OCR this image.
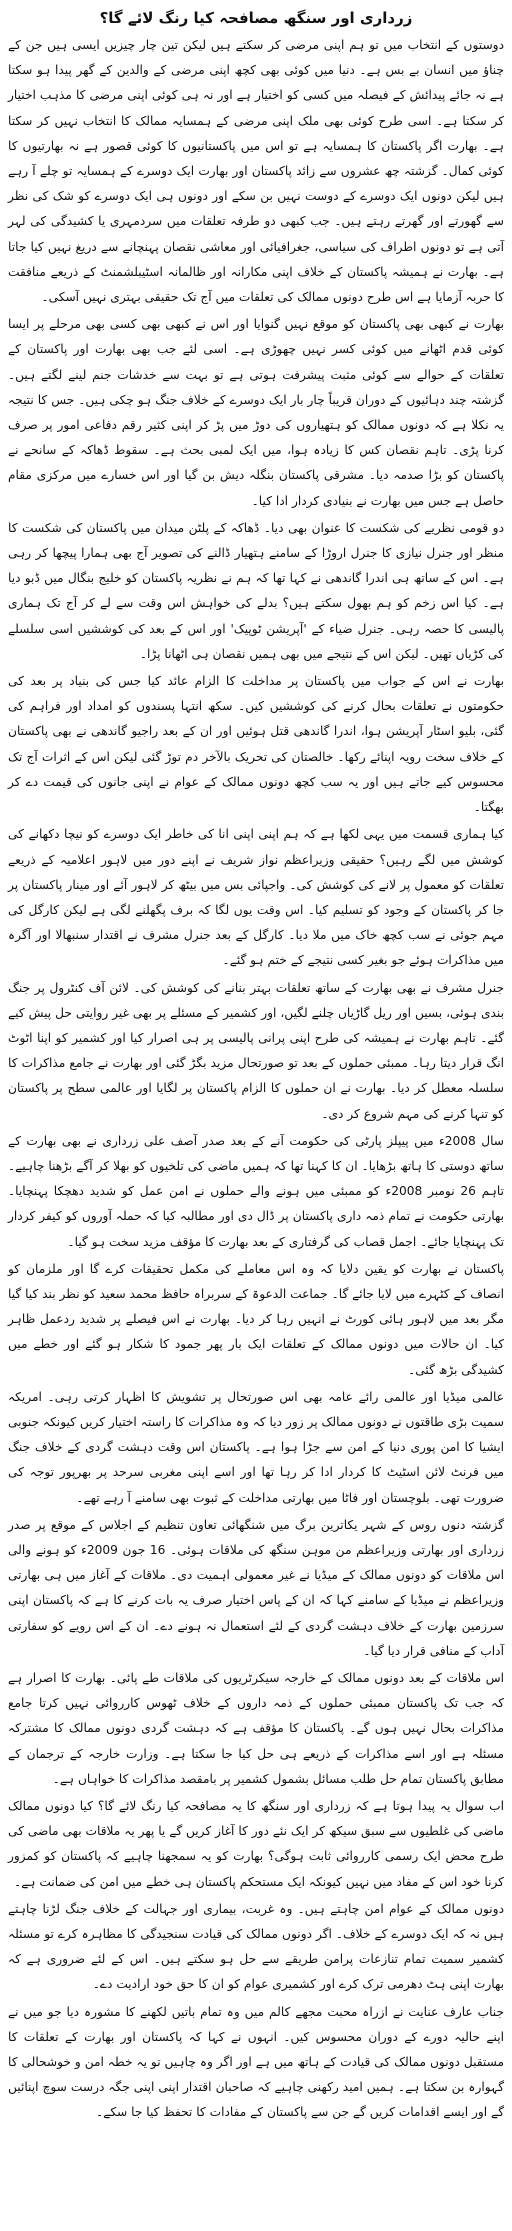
زرداری اور سنگھ مصافحہ کیا رنگ لائے گا؟

دوستوں کے انتخاب میں تو ہم اپنی مرضی کر سکتے ہیں لیکن تین چار چیزیں ایسی ہیں جن کے چناؤ میں انسان بے بس ہے۔ دنیا میں کوئی بھی کچھ اپنی مرضی کے والدین کے گھر پیدا ہو سکتا ہے نہ جائے پیدائش کے فیصلہ میں کسی کو اختیار ہے اور نہ ہی کوئی اپنی مرضی کا مذہب اختیار کر سکتا ہے۔ اسی طرح کوئی بھی ملک اپنی مرضی کے ہمسایہ ممالک کا انتخاب نہیں کر سکتا ہے۔ بھارت اگر پاکستان کا ہمسایہ ہے تو اس میں پاکستانیوں کا کوئی قصور ہے نہ بھارتیوں کا کوئی کمال۔ گزشتہ چھ عشروں سے زائد پاکستان اور بھارت ایک دوسرے کے ہمسایہ تو چلے آ رہے ہیں لیکن دونوں ایک دوسرے کے دوست نہیں بن سکے اور دونوں ہی ایک دوسرے کو شک کی نظر سے گھورتے اور گھرتے رہتے ہیں۔ جب کبھی دو طرفہ تعلقات میں سردمہری یا کشیدگی کی لہر آتی ہے تو دونوں اطراف کی سیاسی، جغرافیائی اور معاشی نقصان پہنچانے سے دریغ نہیں کیا جاتا ہے۔ بھارت نے ہمیشہ پاکستان کے خلاف اپنی مکارانہ اور ظالمانہ اسٹیبلشمنٹ کے ذریعے منافقت کا حربہ آزمایا ہے اس طرح دونوں ممالک کی تعلقات میں آج تک حقیقی بہتری نہیں آسکی۔

بھارت نے کبھی بھی پاکستان کو موقع نہیں گنوایا اور اس نے کبھی بھی کسی بھی مرحلے پر ایسا کوئی قدم اٹھانے میں کوئی کسر نہیں چھوڑی ہے۔ اسی لئے جب بھی بھارت اور پاکستان کے تعلقات کے حوالے سے کوئی مثبت پیشرفت ہوتی ہے تو بہت سے خدشات جنم لینے لگتے ہیں۔ گزشتہ چند دہائیوں کے دوران قریباً چار بار ایک دوسرے کے خلاف جنگ ہو چکی ہیں۔ جس کا نتیجہ یہ نکلا ہے کہ دونوں ممالک کو ہتھیاروں کی دوڑ میں پڑ کر اپنی کثیر رقم دفاعی امور پر صرف کرنا پڑی۔ تاہم نقصان کس کا زیادہ ہوا، میں ایک لمبی بحث ہے۔ سقوط ڈھاکہ کے سانحے نے پاکستان کو بڑا صدمہ دیا۔ مشرقی پاکستان بنگلہ دیش بن گیا اور اس خسارے میں مرکزی مقام حاصل ہے جس میں بھارت نے بنیادی کردار ادا کیا۔

دو قومی نظریے کی شکست کا عنوان بھی دیا۔ ڈھاکہ کے پلٹن میدان میں پاکستان کی شکست کا منظر اور جنرل نیازی کا جنرل اروڑا کے سامنے ہتھیار ڈالنے کی تصویر آج بھی ہمارا پیچھا کر رہی ہے۔ اس کے ساتھ ہی اندرا گاندھی نے کہا تھا کہ ہم نے نظریہ پاکستان کو خلیج بنگال میں ڈبو دیا ہے۔ کیا اس زخم کو ہم بھول سکتے ہیں؟ بدلے کی خواہش اس وقت سے لے کر آج تک ہماری پالیسی کا حصہ رہی۔ جنرل ضیاء کے 'آپریشن ٹوپیک' اور اس کے بعد کی کوششیں اسی سلسلے کی کڑیاں تھیں۔ لیکن اس کے نتیجے میں بھی ہمیں نقصان ہی اٹھانا پڑا۔

بھارت نے اس کے جواب میں پاکستان پر مداخلت کا الزام عائد کیا جس کی بنیاد پر بعد کی حکومتوں نے تعلقات بحال کرنے کی کوششیں کیں۔ سکھ انتہا پسندوں کو امداد اور فراہم کی گئی، بلیو اسٹار آپریشن ہوا، اندرا گاندھی قتل ہوئیں اور ان کے بعد راجیو گاندھی نے بھی پاکستان کے خلاف سخت رویہ اپنائے رکھا۔ خالصتان کی تحریک بالآخر دم توڑ گئی لیکن اس کے اثرات آج تک محسوس کیے جاتے ہیں اور یہ سب کچھ دونوں ممالک کے عوام نے اپنی جانوں کی قیمت دے کر بھگتا۔

کیا ہماری قسمت میں یہی لکھا ہے کہ ہم اپنی اپنی انا کی خاطر ایک دوسرے کو نیچا دکھانے کی کوشش میں لگے رہیں؟ حقیقی وزیراعظم نواز شریف نے اپنے دور میں لاہور اعلامیہ کے ذریعے تعلقات کو معمول پر لانے کی کوشش کی۔ واجپائی بس میں بیٹھ کر لاہور آئے اور مینار پاکستان پر جا کر پاکستان کے وجود کو تسلیم کیا۔ اس وقت یوں لگا کہ برف پگھلنے لگی ہے لیکن کارگل کی مہم جوئی نے سب کچھ خاک میں ملا دیا۔ کارگل کے بعد جنرل مشرف نے اقتدار سنبھالا اور آگرہ میں مذاکرات ہوئے جو بغیر کسی نتیجے کے ختم ہو گئے۔

جنرل مشرف نے بھی بھارت کے ساتھ تعلقات بہتر بنانے کی کوشش کی۔ لائن آف کنٹرول پر جنگ بندی ہوئی، بسیں اور ریل گاڑیاں چلنے لگیں، اور کشمیر کے مسئلے پر بھی غیر روایتی حل پیش کیے گئے۔ تاہم بھارت نے ہمیشہ کی طرح اپنی پرانی پالیسی پر ہی اصرار کیا اور کشمیر کو اپنا اٹوٹ انگ قرار دیتا رہا۔ ممبئی حملوں کے بعد تو صورتحال مزید بگڑ گئی اور بھارت نے جامع مذاکرات کا سلسلہ معطل کر دیا۔ بھارت نے ان حملوں کا الزام پاکستان پر لگایا اور عالمی سطح پر پاکستان کو تنہا کرنے کی مہم شروع کر دی۔

سال 2008ء میں پیپلز پارٹی کی حکومت آنے کے بعد صدر آصف علی زرداری نے بھی بھارت کے ساتھ دوستی کا ہاتھ بڑھایا۔ ان کا کہنا تھا کہ ہمیں ماضی کی تلخیوں کو بھلا کر آگے بڑھنا چاہیے۔ تاہم 26 نومبر 2008ء کو ممبئی میں ہونے والے حملوں نے امن عمل کو شدید دھچکا پہنچایا۔ بھارتی حکومت نے تمام ذمہ داری پاکستان پر ڈال دی اور مطالبہ کیا کہ حملہ آوروں کو کیفر کردار تک پہنچایا جائے۔ اجمل قصاب کی گرفتاری کے بعد بھارت کا مؤقف مزید سخت ہو گیا۔

پاکستان نے بھارت کو یقین دلایا کہ وہ اس معاملے کی مکمل تحقیقات کرے گا اور ملزمان کو انصاف کے کٹہرے میں لایا جائے گا۔ جماعت الدعوۃ کے سربراہ حافظ محمد سعید کو نظر بند کیا گیا مگر بعد میں لاہور ہائی کورٹ نے انہیں رہا کر دیا۔ بھارت نے اس فیصلے پر شدید ردعمل ظاہر کیا۔ ان حالات میں دونوں ممالک کے تعلقات ایک بار پھر جمود کا شکار ہو گئے اور خطے میں کشیدگی بڑھ گئی۔

عالمی میڈیا اور عالمی رائے عامہ بھی اس صورتحال پر تشویش کا اظہار کرتی رہی۔ امریکہ سمیت بڑی طاقتوں نے دونوں ممالک پر زور دیا کہ وہ مذاکرات کا راستہ اختیار کریں کیونکہ جنوبی ایشیا کا امن پوری دنیا کے امن سے جڑا ہوا ہے۔ پاکستان اس وقت دہشت گردی کے خلاف جنگ میں فرنٹ لائن اسٹیٹ کا کردار ادا کر رہا تھا اور اسے اپنی مغربی سرحد پر بھرپور توجہ کی ضرورت تھی۔ بلوچستان اور فاٹا میں بھارتی مداخلت کے ثبوت بھی سامنے آ رہے تھے۔

گزشتہ دنوں روس کے شہر یکاترین برگ میں شنگھائی تعاون تنظیم کے اجلاس کے موقع پر صدر زرداری اور بھارتی وزیراعظم من موہن سنگھ کی ملاقات ہوئی۔ 16 جون 2009ء کو ہونے والی اس ملاقات کو دونوں ممالک کے میڈیا نے غیر معمولی اہمیت دی۔ ملاقات کے آغاز میں ہی بھارتی وزیراعظم نے میڈیا کے سامنے کہا کہ ان کے پاس اختیار صرف یہ بات کرنے کا ہے کہ پاکستان اپنی سرزمین بھارت کے خلاف دہشت گردی کے لئے استعمال نہ ہونے دے۔ ان کے اس رویے کو سفارتی آداب کے منافی قرار دیا گیا۔

اس ملاقات کے بعد دونوں ممالک کے خارجہ سیکرٹریوں کی ملاقات طے پائی۔ بھارت کا اصرار ہے کہ جب تک پاکستان ممبئی حملوں کے ذمہ داروں کے خلاف ٹھوس کارروائی نہیں کرتا جامع مذاکرات بحال نہیں ہوں گے۔ پاکستان کا مؤقف ہے کہ دہشت گردی دونوں ممالک کا مشترکہ مسئلہ ہے اور اسے مذاکرات کے ذریعے ہی حل کیا جا سکتا ہے۔ وزارت خارجہ کے ترجمان کے مطابق پاکستان تمام حل طلب مسائل بشمول کشمیر پر بامقصد مذاکرات کا خواہاں ہے۔

اب سوال یہ پیدا ہوتا ہے کہ زرداری اور سنگھ کا یہ مصافحہ کیا رنگ لائے گا؟ کیا دونوں ممالک ماضی کی غلطیوں سے سبق سیکھ کر ایک نئے دور کا آغاز کریں گے یا پھر یہ ملاقات بھی ماضی کی طرح محض ایک رسمی کارروائی ثابت ہوگی؟ بھارت کو یہ سمجھنا چاہیے کہ پاکستان کو کمزور کرنا خود اس کے مفاد میں نہیں کیونکہ ایک مستحکم پاکستان ہی خطے میں امن کی ضمانت ہے۔

دونوں ممالک کے عوام امن چاہتے ہیں۔ وہ غربت، بیماری اور جہالت کے خلاف جنگ لڑنا چاہتے ہیں نہ کہ ایک دوسرے کے خلاف۔ اگر دونوں ممالک کی قیادت سنجیدگی کا مظاہرہ کرے تو مسئلہ کشمیر سمیت تمام تنازعات پرامن طریقے سے حل ہو سکتے ہیں۔ اس کے لئے ضروری ہے کہ بھارت اپنی ہٹ دھرمی ترک کرے اور کشمیری عوام کو ان کا حق خود ارادیت دے۔

جناب عارف عنایت نے ازراہ محبت مجھے کالم میں وہ تمام باتیں لکھنے کا مشورہ دیا جو میں نے اپنے حالیہ دورے کے دوران محسوس کیں۔ انہوں نے کہا کہ پاکستان اور بھارت کے تعلقات کا مستقبل دونوں ممالک کی قیادت کے ہاتھ میں ہے اور اگر وہ چاہیں تو یہ خطہ امن و خوشحالی کا گہوارہ بن سکتا ہے۔ ہمیں امید رکھنی چاہیے کہ صاحبان اقتدار اپنی اپنی جگہ درست سوچ اپنائیں گے اور ایسے اقدامات کریں گے جن سے پاکستان کے مفادات کا تحفظ کیا جا سکے۔
